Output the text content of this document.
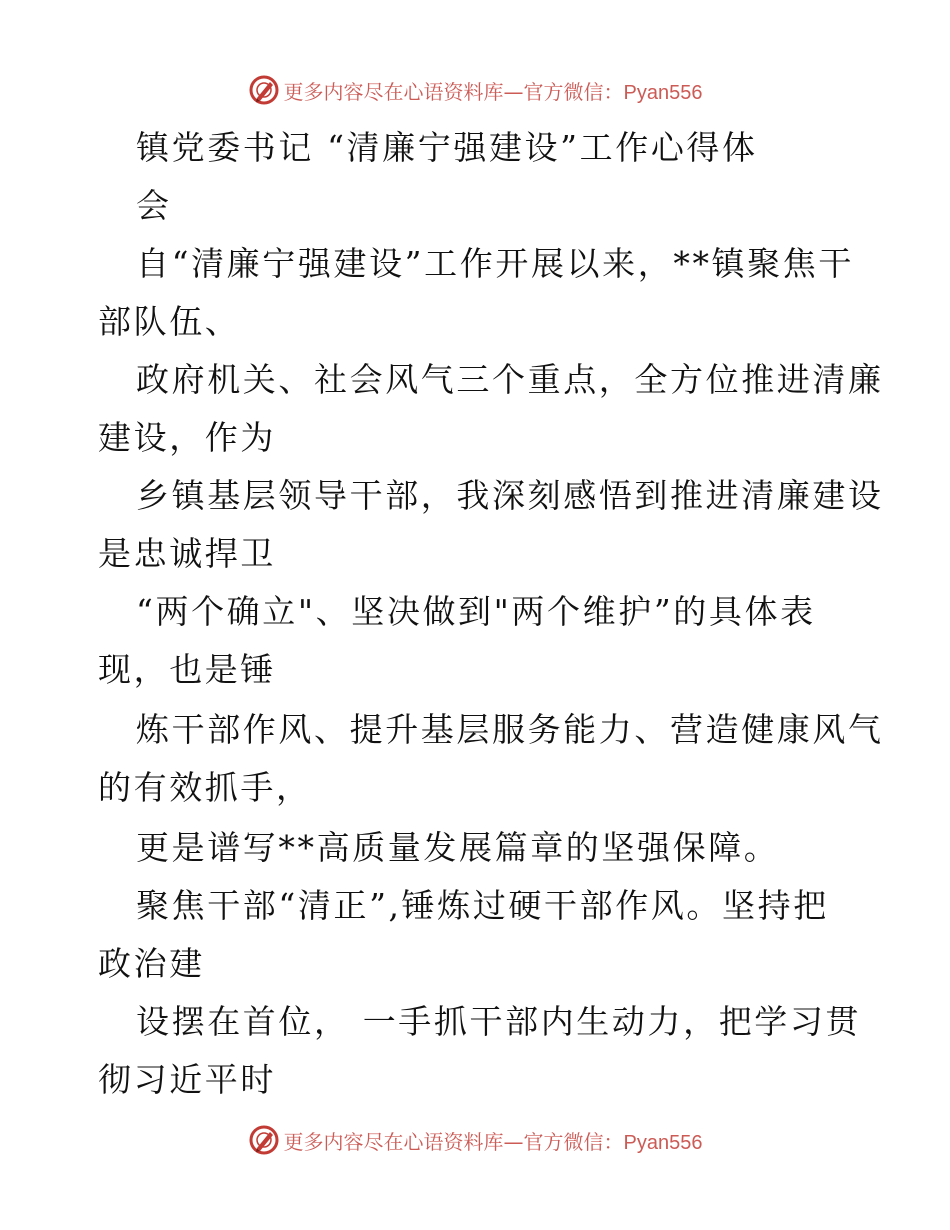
更多内容尽在心语资料库—官方微信：Pyan556
镇党委书记 “清廉宁强建设”工作心得体
会
自“清廉宁强建设”工作开展以来，**镇聚焦干
部队伍、
政府机关、社会风气三个重点，全方位推进清廉
建设，作为
乡镇基层领导干部，我深刻感悟到推进清廉建设
是忠诚捍卫
“两个确立"、坚决做到"两个维护”的具体表
现，也是锤
炼干部作风、提升基层服务能力、营造健康风气
的有效抓手，
更是谱写**高质量发展篇章的坚强保障。
聚焦干部“清正”,锤炼过硬干部作风。坚持把
政治建
设摆在首位， 一手抓干部内生动力，把学习贯
彻习近平时
更多内容尽在心语资料库—官方微信：Pyan556
